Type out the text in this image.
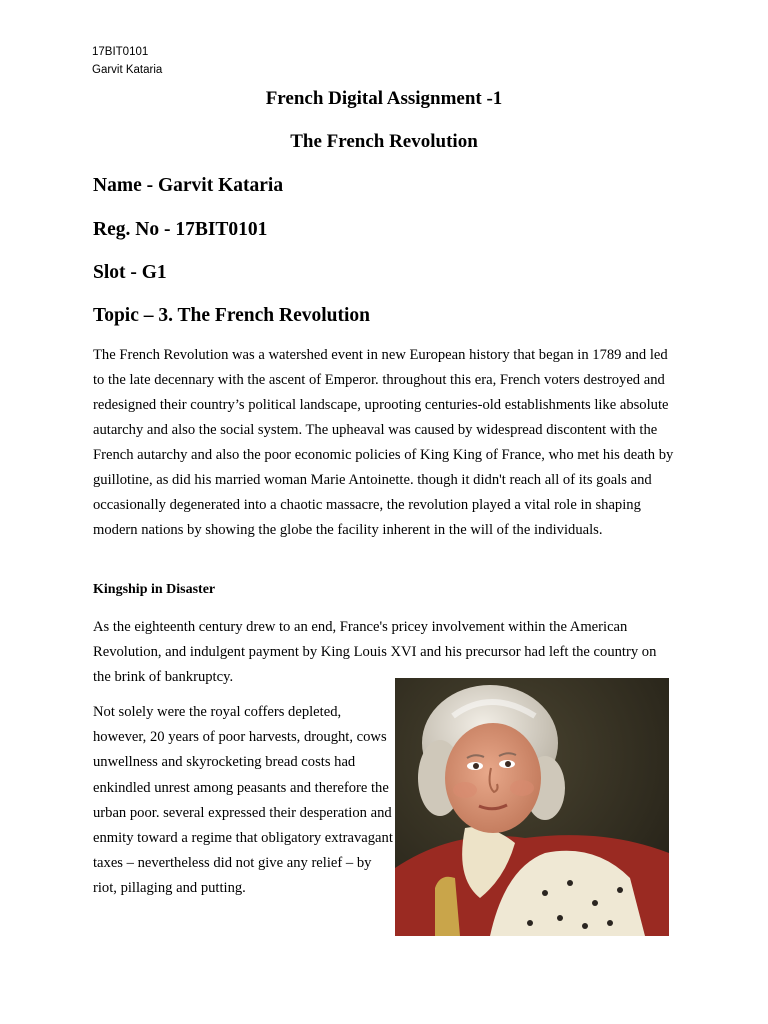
17BIT0101
Garvit Kataria
French Digital Assignment -1
The French Revolution
Name - Garvit Kataria
Reg. No - 17BIT0101
Slot - G1
Topic – 3. The French Revolution

The French Revolution was a watershed event in new European history that began in 1789 and led to the late decennary with the ascent of Emperor. throughout this era, French voters destroyed and redesigned their country’s political landscape, uprooting centuries-old establishments like absolute autarchy and also the social system. The upheaval was caused by widespread discontent with the French autarchy and also the poor economic policies of King King of France, who met his death by guillotine, as did his married woman Marie Antoinette. though it didn't reach all of its goals and occasionally degenerated into a chaotic massacre, the revolution played a vital role in shaping modern nations by showing the globe the facility inherent in the will of the individuals.

Kingship in Disaster

As the eighteenth century drew to an end, France's pricey involvement within the American Revolution, and indulgent payment by King Louis XVI and his precursor had left the country on the brink of bankruptcy.

Not solely were the royal coffers depleted, however, 20 years of poor harvests, drought, cows unwellness and skyrocketing bread costs had enkindled unrest among peasants and therefore the urban poor. several expressed their desperation and enmity toward a regime that obligatory extravagant taxes – nevertheless did not give any relief – by riot, pillaging and putting.
